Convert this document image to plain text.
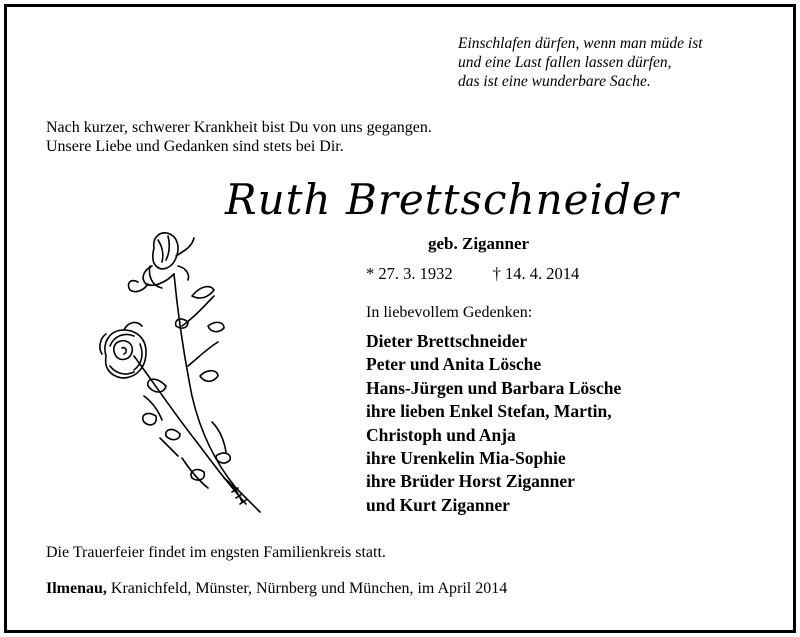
Einschlafen dürfen, wenn man müde ist
und eine Last fallen lassen dürfen,
das ist eine wunderbare Sache.
Nach kurzer, schwerer Krankheit bist Du von uns gegangen.
Unsere Liebe und Gedanken sind stets bei Dir.
Ruth Brettschneider
geb. Ziganner
* 27. 3. 1932 † 14. 4. 2014
In liebevollem Gedenken:
Dieter Brettschneider
Peter und Anita Lösche
Hans-Jürgen und Barbara Lösche
ihre lieben Enkel Stefan, Martin,
Christoph und Anja
ihre Urenkelin Mia-Sophie
ihre Brüder Horst Ziganner
und Kurt Ziganner
Die Trauerfeier findet im engsten Familienkreis statt.
Ilmenau, Kranichfeld, Münster, Nürnberg und München, im April 2014
